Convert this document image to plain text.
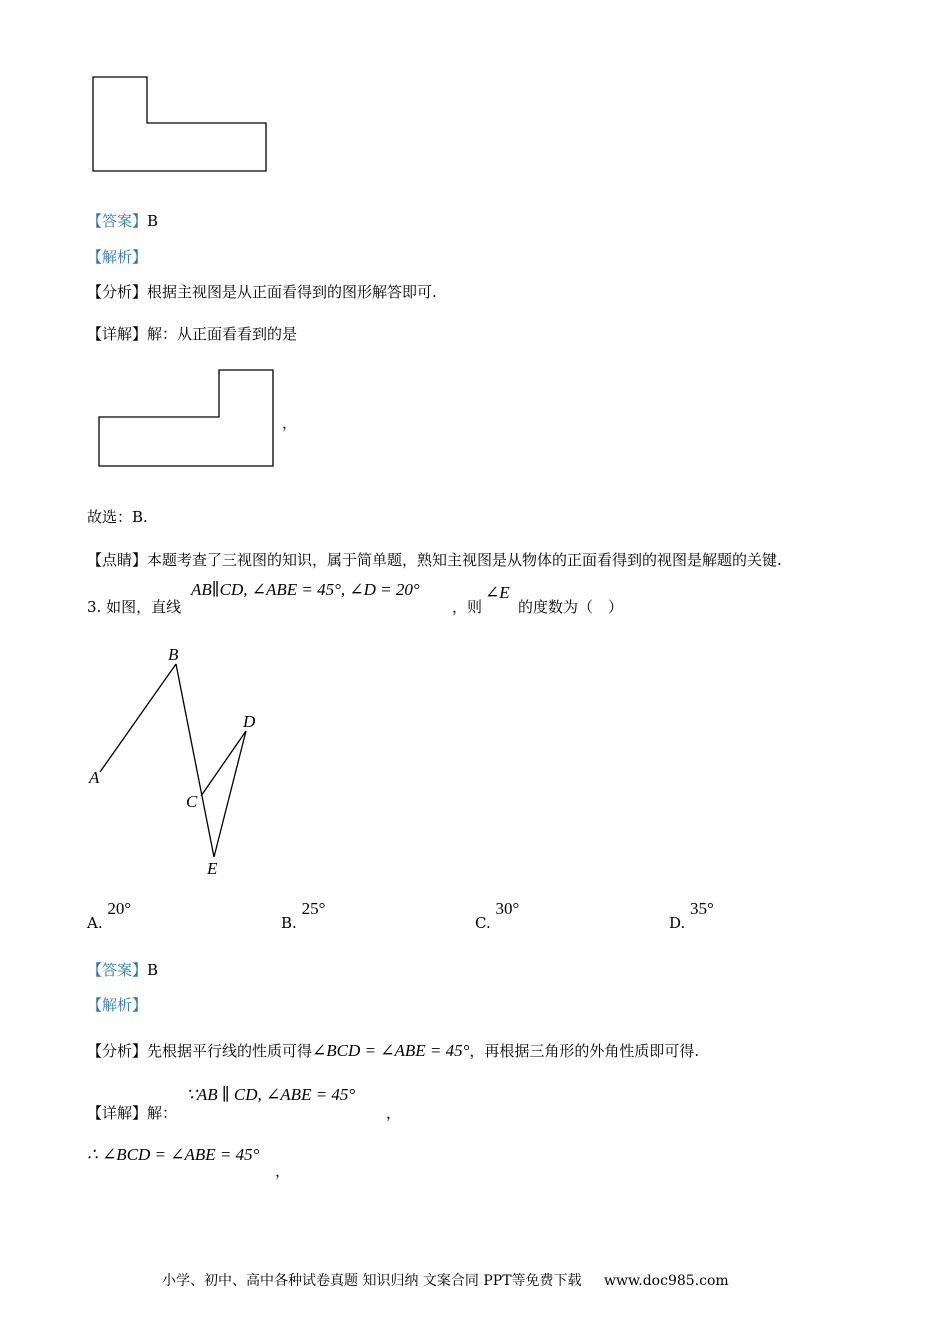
【答案】B
【解析】
【分析】根据主视图是从正面看得到的图形解答即可.
【详解】解：从正面看看到的是
，
故选：B.
【点睛】本题考查了三视图的知识，属于简单题，熟知主视图是从物体的正面看得到的视图是解题的关键.
3. 如图，直线
AB∥CD, ∠ABE = 45°, ∠D = 20°
，则
∠E
的度数为（　）
B
D
A
C
E
A. 20°
B. 25°
C. 30°
D. 35°
【答案】B
【解析】
【分析】先根据平行线的性质可得∠BCD = ∠ABE = 45°，再根据三角形的外角性质即可得.
【详解】解：
∵AB ∥ CD, ∠ABE = 45°
，
∴ ∠BCD = ∠ABE = 45°
，
小学、初中、高中各种试卷真题 知识归纳 文案合同 PPT等免费下载 www.doc985.com
